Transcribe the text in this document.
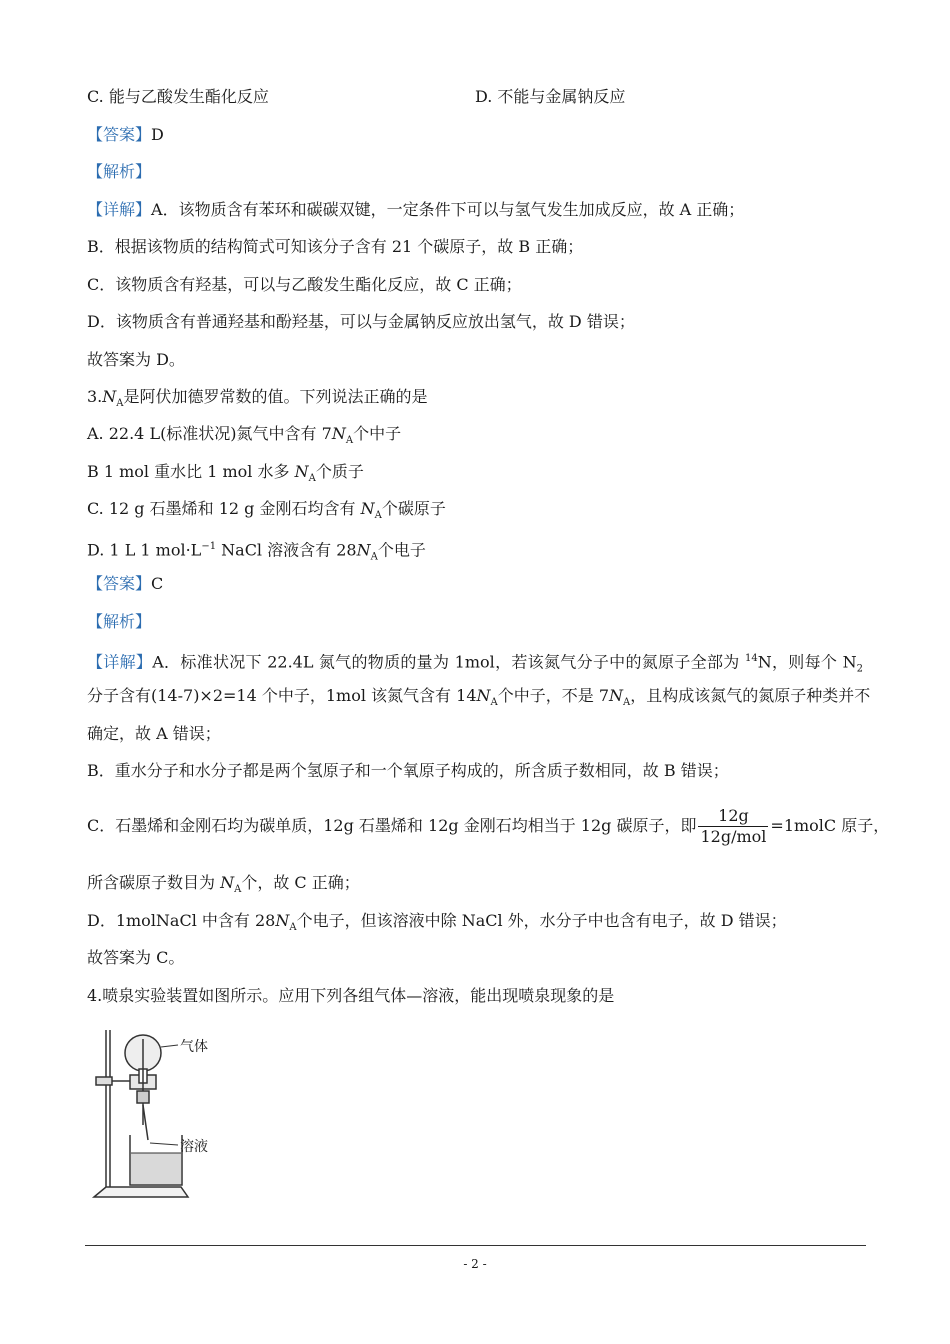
C. 能与乙酸发生酯化反应	D. 不能与金属钠反应
【答案】D
【解析】
【详解】A．该物质含有苯环和碳碳双键，一定条件下可以与氢气发生加成反应，故 A 正确；
B．根据该物质的结构简式可知该分子含有 21 个碳原子，故 B 正确；
C．该物质含有羟基，可以与乙酸发生酯化反应，故 C 正确；
D．该物质含有普通羟基和酚羟基，可以与金属钠反应放出氢气，故 D 错误；
故答案为 D。
$3.N_A$是阿伏加德罗常数的值。下列说法正确的是
A. 22.4 L(标准状况)氮气中含有 $7N_A$个中子
B 1 mol 重水比 1 mol 水多 $N_A$个质子
C. 12 g 石墨烯和 12 g 金刚石均含有 $N_A$个碳原子
D. 1 L 1 $mol\cdot L^{-1}$ NaCl 溶液含有 $28N_A$个电子
【答案】C
【解析】
【详解】A．标准状况下 22.4L 氮气的物质的量为 1mol，若该氮气分子中的氮原子全部为 $^{14}$N，则每个 $N_2$
分子含有(14-7)×2=14 个中子，1mol 该氮气含有 $14N_A$个中子，不是 $7N_A$，且构成该氮气的氮原子种类并不
确定，故 A 错误；
B．重水分子和水分子都是两个氢原子和一个氧原子构成的，所含质子数相同，故 B 错误；
C．石墨烯和金刚石均为碳单质，12g 石墨烯和 12g 金刚石均相当于 12g 碳原子，即 $\frac{12g}{\text{12g/mol}}$ =1molC 原子，
所含碳原子数目为 $N_A$个，故 C 正确；
D．1molNaCl 中含有 $28N_A$个电子，但该溶液中除 NaCl 外，水分子中也含有电子，故 D 错误；
故答案为 C。
4.喷泉实验装置如图所示。应用下列各组气体—溶液，能出现喷泉现象的是
气体
溶液
- 2 -
